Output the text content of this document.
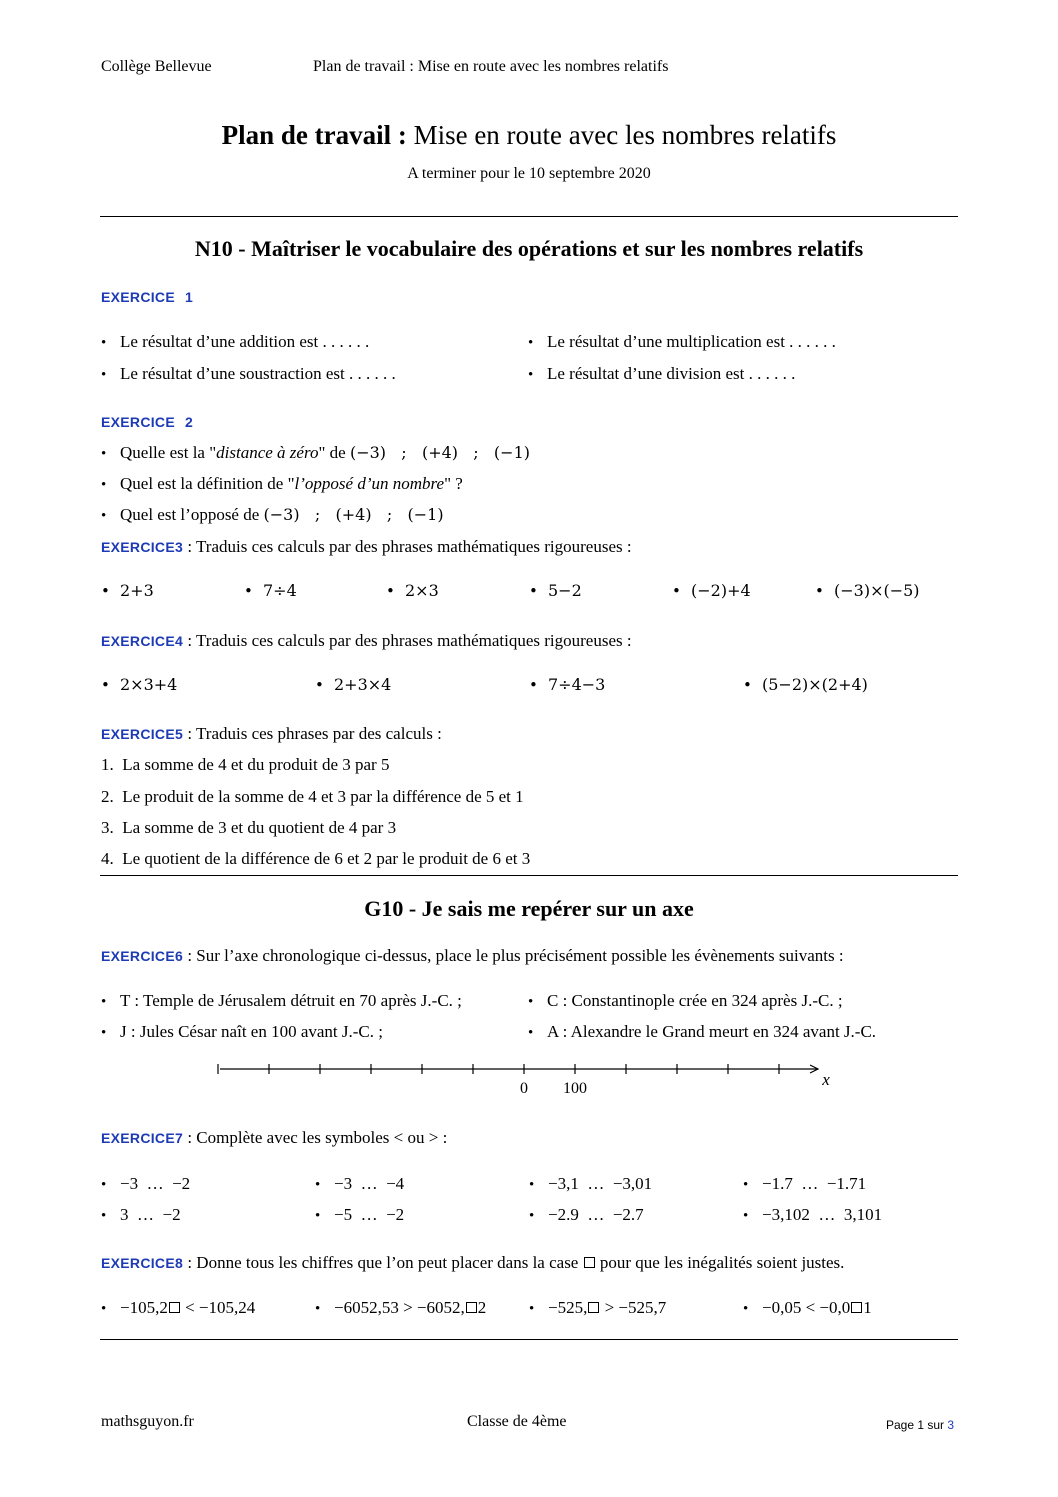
Collège Bellevue	Plan de travail : Mise en route avec les nombres relatifs
Plan de travail : Mise en route avec les nombres relatifs
A terminer pour le 10 septembre 2020
N10 - Maîtriser le vocabulaire des opérations et sur les nombres relatifs
EXERCICE 1
• Le résultat d’une addition est . . . . . .	• Le résultat d’une multiplication est . . . . . .
• Le résultat d’une soustraction est . . . . . .	• Le résultat d’une division est . . . . . .
EXERCICE 2
• Quelle est la "distance à zéro" de (−3)   ;   (+4)   ;   (−1)
• Quel est la définition de "l’opposé d’un nombre" ?
• Quel est l’opposé de (−3)   ;   (+4)   ;   (−1)
EXERCICE3 : Traduis ces calculs par des phrases mathématiques rigoureuses :
• 2+3	• 7÷4	• 2×3	• 5−2	• (−2)+4	• (−3)×(−5)
EXERCICE4 : Traduis ces calculs par des phrases mathématiques rigoureuses :
• 2×3+4	• 2+3×4	• 7÷4−3	• (5−2)×(2+4)
EXERCICE5 : Traduis ces phrases par des calculs :
1.  La somme de 4 et du produit de 3 par 5
2.  Le produit de la somme de 4 et 3 par la différence de 5 et 1
3.  La somme de 3 et du quotient de 4 par 3
4.  Le quotient de la différence de 6 et 2 par le produit de 6 et 3
G10 - Je sais me repérer sur un axe
EXERCICE6 : Sur l’axe chronologique ci-dessus, place le plus précisément possible les évènements suivants :
• T : Temple de Jérusalem détruit en 70 après J.-C. ;	• C : Constantinople crée en 324 après J.-C. ;
• J : Jules César naît en 100 avant J.-C. ;	• A : Alexandre le Grand meurt en 324 avant J.-C.
0 100	x
EXERCICE7 : Complète avec les symboles < ou > :
• −3  …  −2	• −3  …  −4	• −3,1  …  −3,01	• −1.7  …  −1.71
• 3  …  −2	• −5  …  −2	• −2.9  …  −2.7	• −3,102  …  3,101
EXERCICE8 : Donne tous les chiffres que l’on peut placer dans la case  pour que les inégalités soient justes.
• −105,2 < −105,24	• −6052,53 > −6052, 2	• −525, > −525,7	• −0,05 < −0,0 1
mathsguyon.fr	Classe de 4ème	Page 1 sur 3
